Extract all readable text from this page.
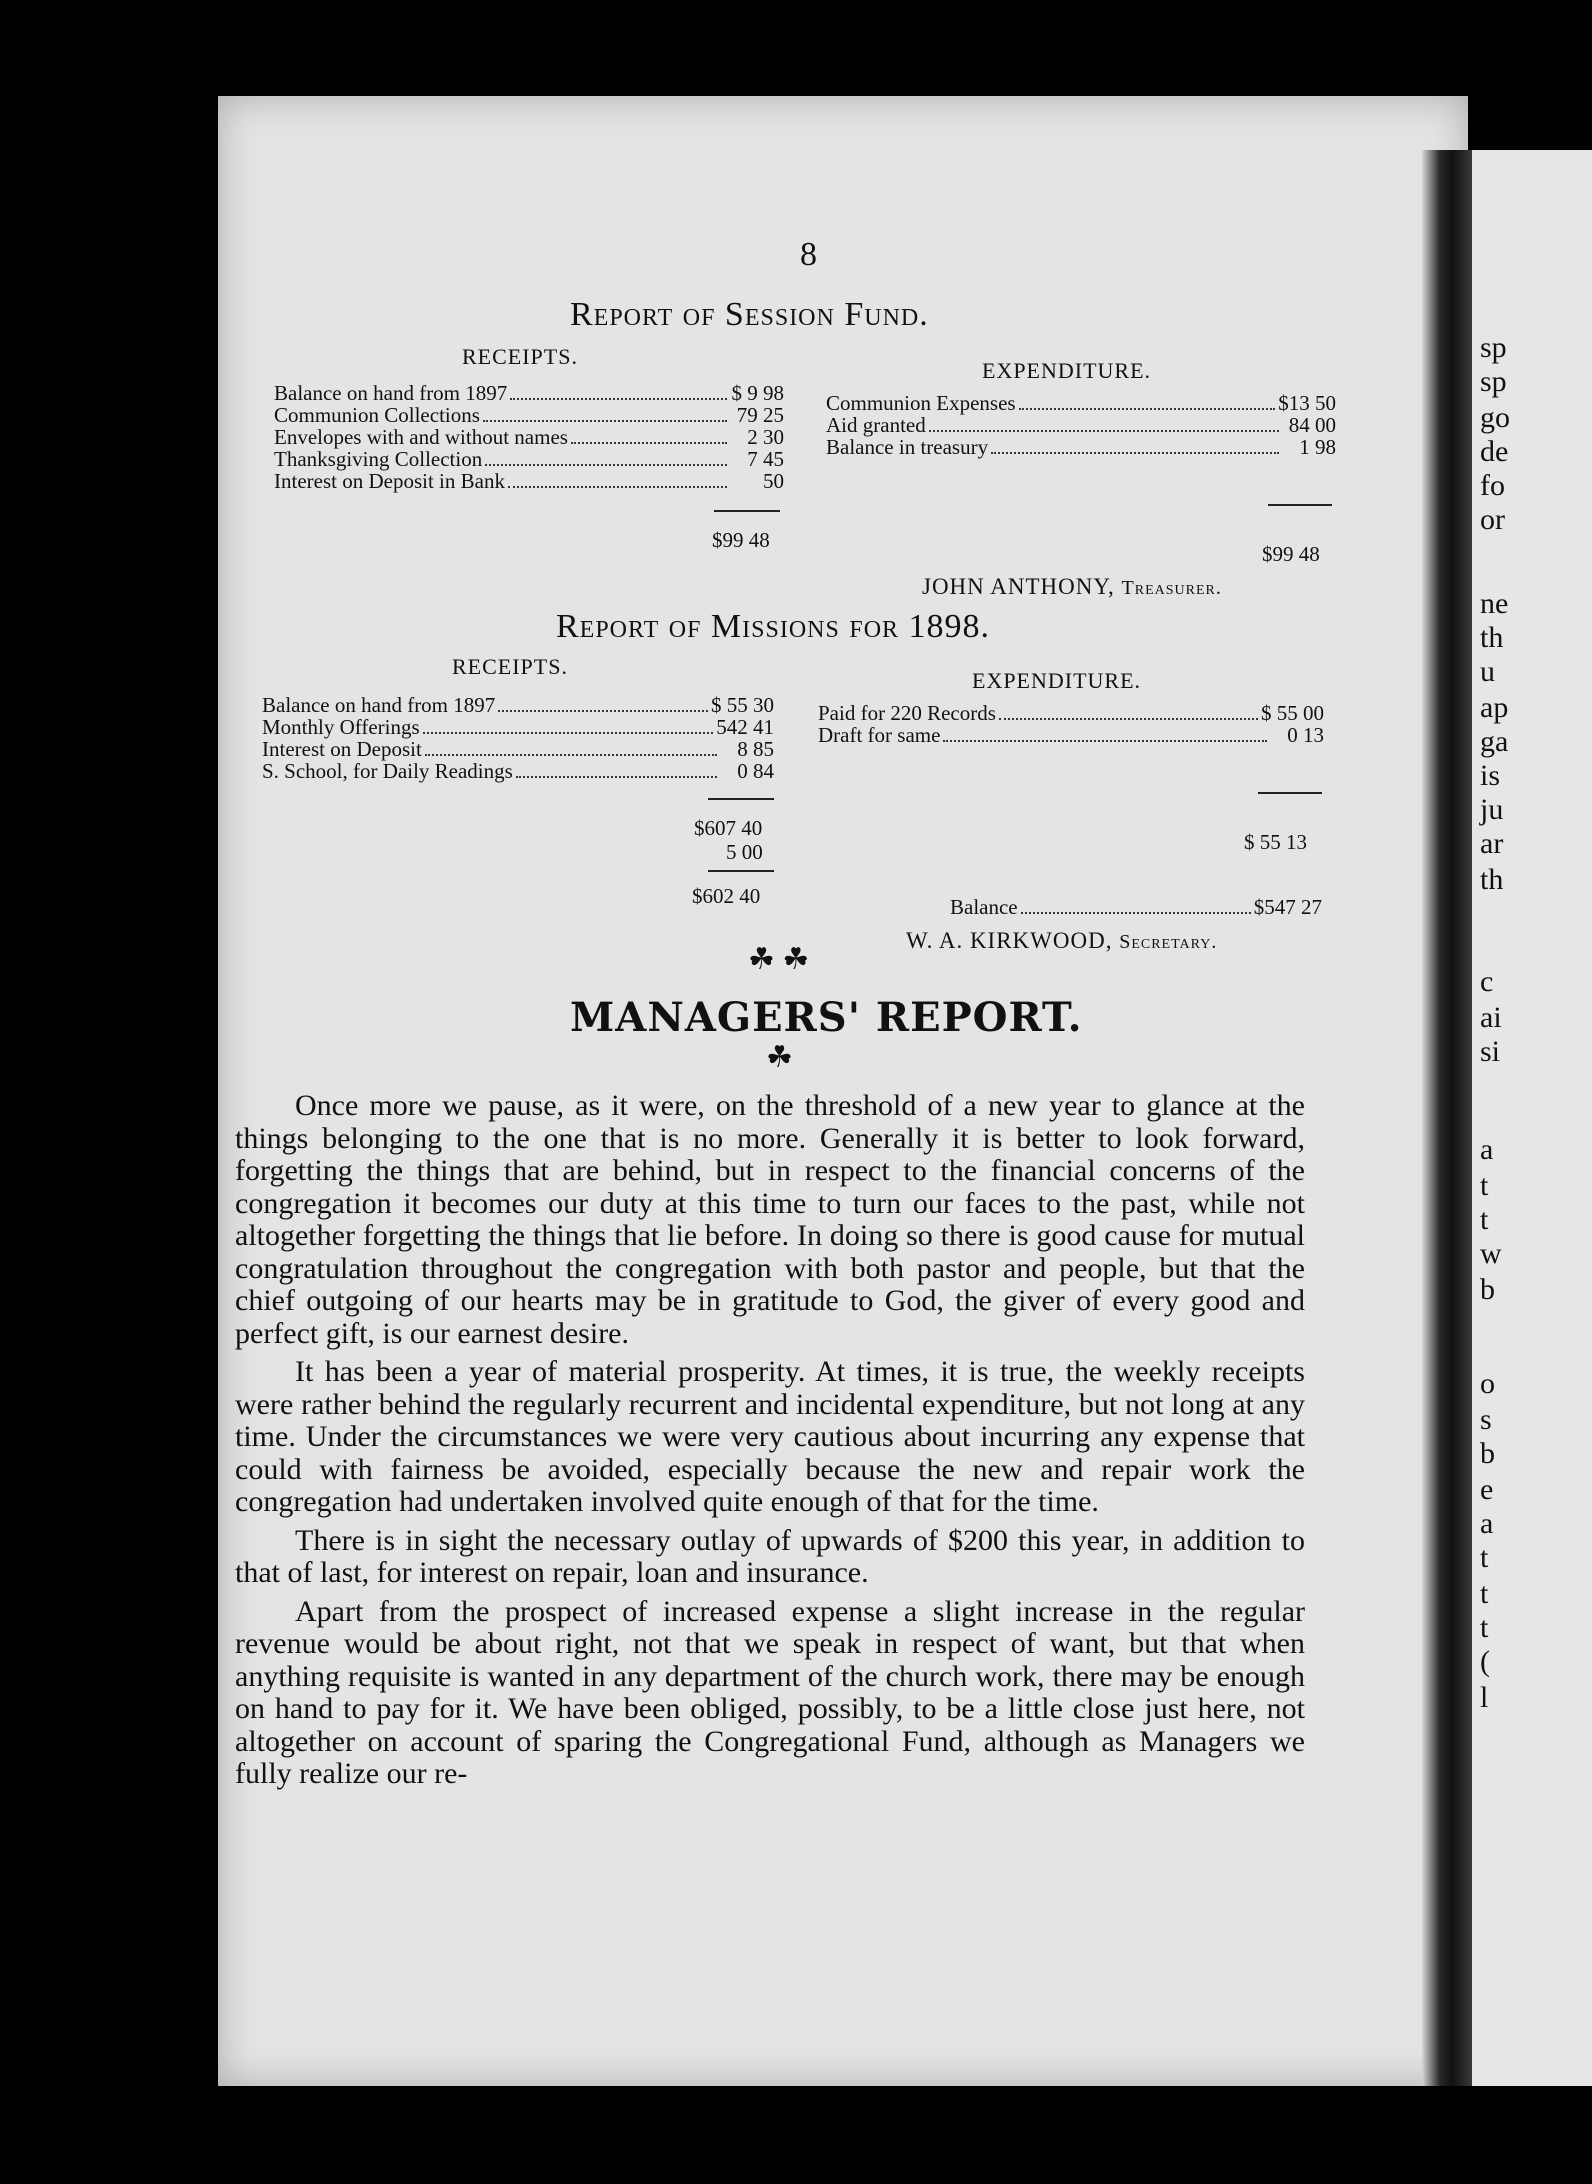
sp
sp
go
de
fo
or
ne
th
u
ap
ga
is
ju
ar
th
c
ai
si
a
t
t
w
b
o
s
b
e
a
t
t
t
(
l
8
Report of Session Fund.
RECEIPTS.
EXPENDITURE.
Balance on hand from 1897	$ 9 98
Communion Collections	79 25
Envelopes with and without names	2 30
Thanksgiving Collection	7 45
Interest on Deposit in Bank	50
$99 48
Communion Expenses	$13 50
Aid granted	84 00
Balance in treasury	1 98
$99 48
JOHN ANTHONY, Treasurer.
Report of Missions for 1898.
RECEIPTS.
EXPENDITURE.
Balance on hand from 1897	$ 55 30
Monthly Offerings	542 41
Interest on Deposit	8 85
S. School, for Daily Readings	0 84
$607 40
5 00
$602 40
Paid for 220 Records	$ 55 00
Draft for same	0 13
$ 55 13
Balance	$547 27
W. A. KIRKWOOD, Secretary.
☘ ☘
MANAGERS' REPORT.
☘

Once more we pause, as it were, on the threshold of a new year to glance at the things belonging to the one that is no more. Generally it is better to look forward, forgetting the things that are behind, but in respect to the financial concerns of the congregation it becomes our duty at this time to turn our faces to the past, while not altogether forgetting the things that lie before. In doing so there is good cause for mutual congratulation throughout the congregation with both pastor and people, but that the chief outgoing of our hearts may be in gratitude to God, the giver of every good and perfect gift, is our earnest desire.

It has been a year of material prosperity. At times, it is true, the weekly receipts were rather behind the regularly recurrent and incidental expenditure, but not long at any time. Under the circumstances we were very cautious about incurring any expense that could with fairness be avoided, especially because the new and repair work the congregation had undertaken involved quite enough of that for the time.

There is in sight the necessary outlay of upwards of $200 this year, in addition to that of last, for interest on repair, loan and insurance.

Apart from the prospect of increased expense a slight increase in the regular revenue would be about right, not that we speak in respect of want, but that when anything requisite is wanted in any department of the church work, there may be enough on hand to pay for it. We have been obliged, possibly, to be a little close just here, not altogether on account of sparing the Congregational Fund, although as Managers we fully realize our re-
